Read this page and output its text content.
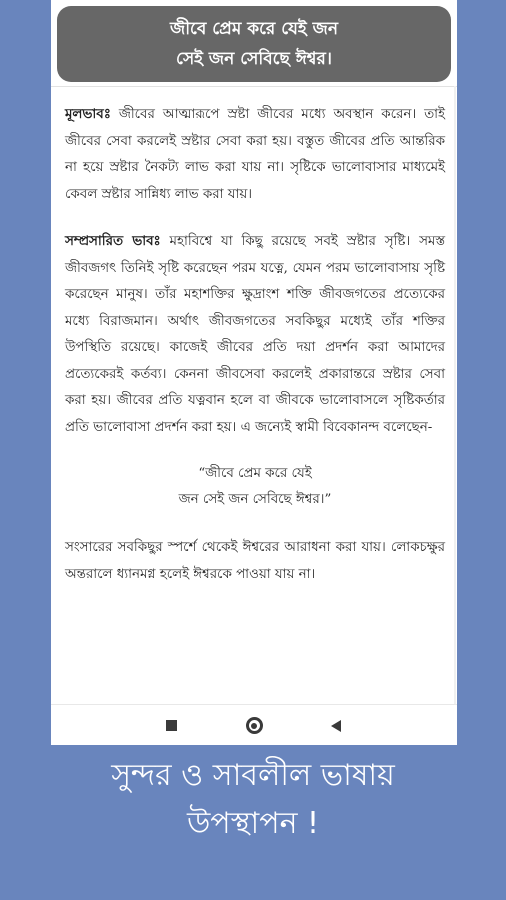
জীবে প্রেম করে যেই জন
সেই জন সেবিছে ঈশ্বর।

মূলভাবঃ জীবের আত্মারূপে স্রষ্টা জীবের মধ্যে অবস্থান করেন। তাই জীবের সেবা করলেই স্রষ্টার সেবা করা হয়। বস্তুত জীবের প্রতি আন্তরিক না হয়ে স্রষ্টার নৈকট্য লাভ করা যায় না। সৃষ্টিকে ভালোবাসার মাধ্যমেই কেবল স্রষ্টার সান্নিধ্য লাভ করা যায়।

সম্প্রসারিত ভাবঃ মহাবিশ্বে যা কিছু রয়েছে সবই স্রষ্টার সৃষ্টি। সমস্ত জীবজগৎ তিনিই সৃষ্টি করেছেন পরম যত্নে, যেমন পরম ভালোবাসায় সৃষ্টি করেছেন মানুষ। তাঁর মহাশক্তির ক্ষুদ্রাংশ শক্তি জীবজগতের প্রত্যেকের মধ্যে বিরাজমান। অর্থাৎ জীবজগতের সবকিছুর মধ্যেই তাঁর শক্তির উপস্থিতি রয়েছে। কাজেই জীবের প্রতি দয়া প্রদর্শন করা আমাদের প্রত্যেকেরই কর্তব্য। কেননা জীবসেবা করলেই প্রকারান্তরে স্রষ্টার সেবা করা হয়। জীবের প্রতি যত্নবান হলে বা জীবকে ভালোবাসলে সৃষ্টিকর্তার প্রতি ভালোবাসা প্রদর্শন করা হয়। এ জন্যেই স্বামী বিবেকানন্দ বলেছেন-

“জীবে প্রেম করে যেই
জন সেই জন সেবিছে ঈশ্বর।”

সংসারের সবকিছুর স্পর্শে থেকেই ঈশ্বরের আরাধনা করা যায়। লোকচক্ষুর অন্তরালে ধ্যানমগ্ন হলেই ঈশ্বরকে পাওয়া যায় না।

সুন্দর ও সাবলীল ভাষায়
উপস্থাপন !
